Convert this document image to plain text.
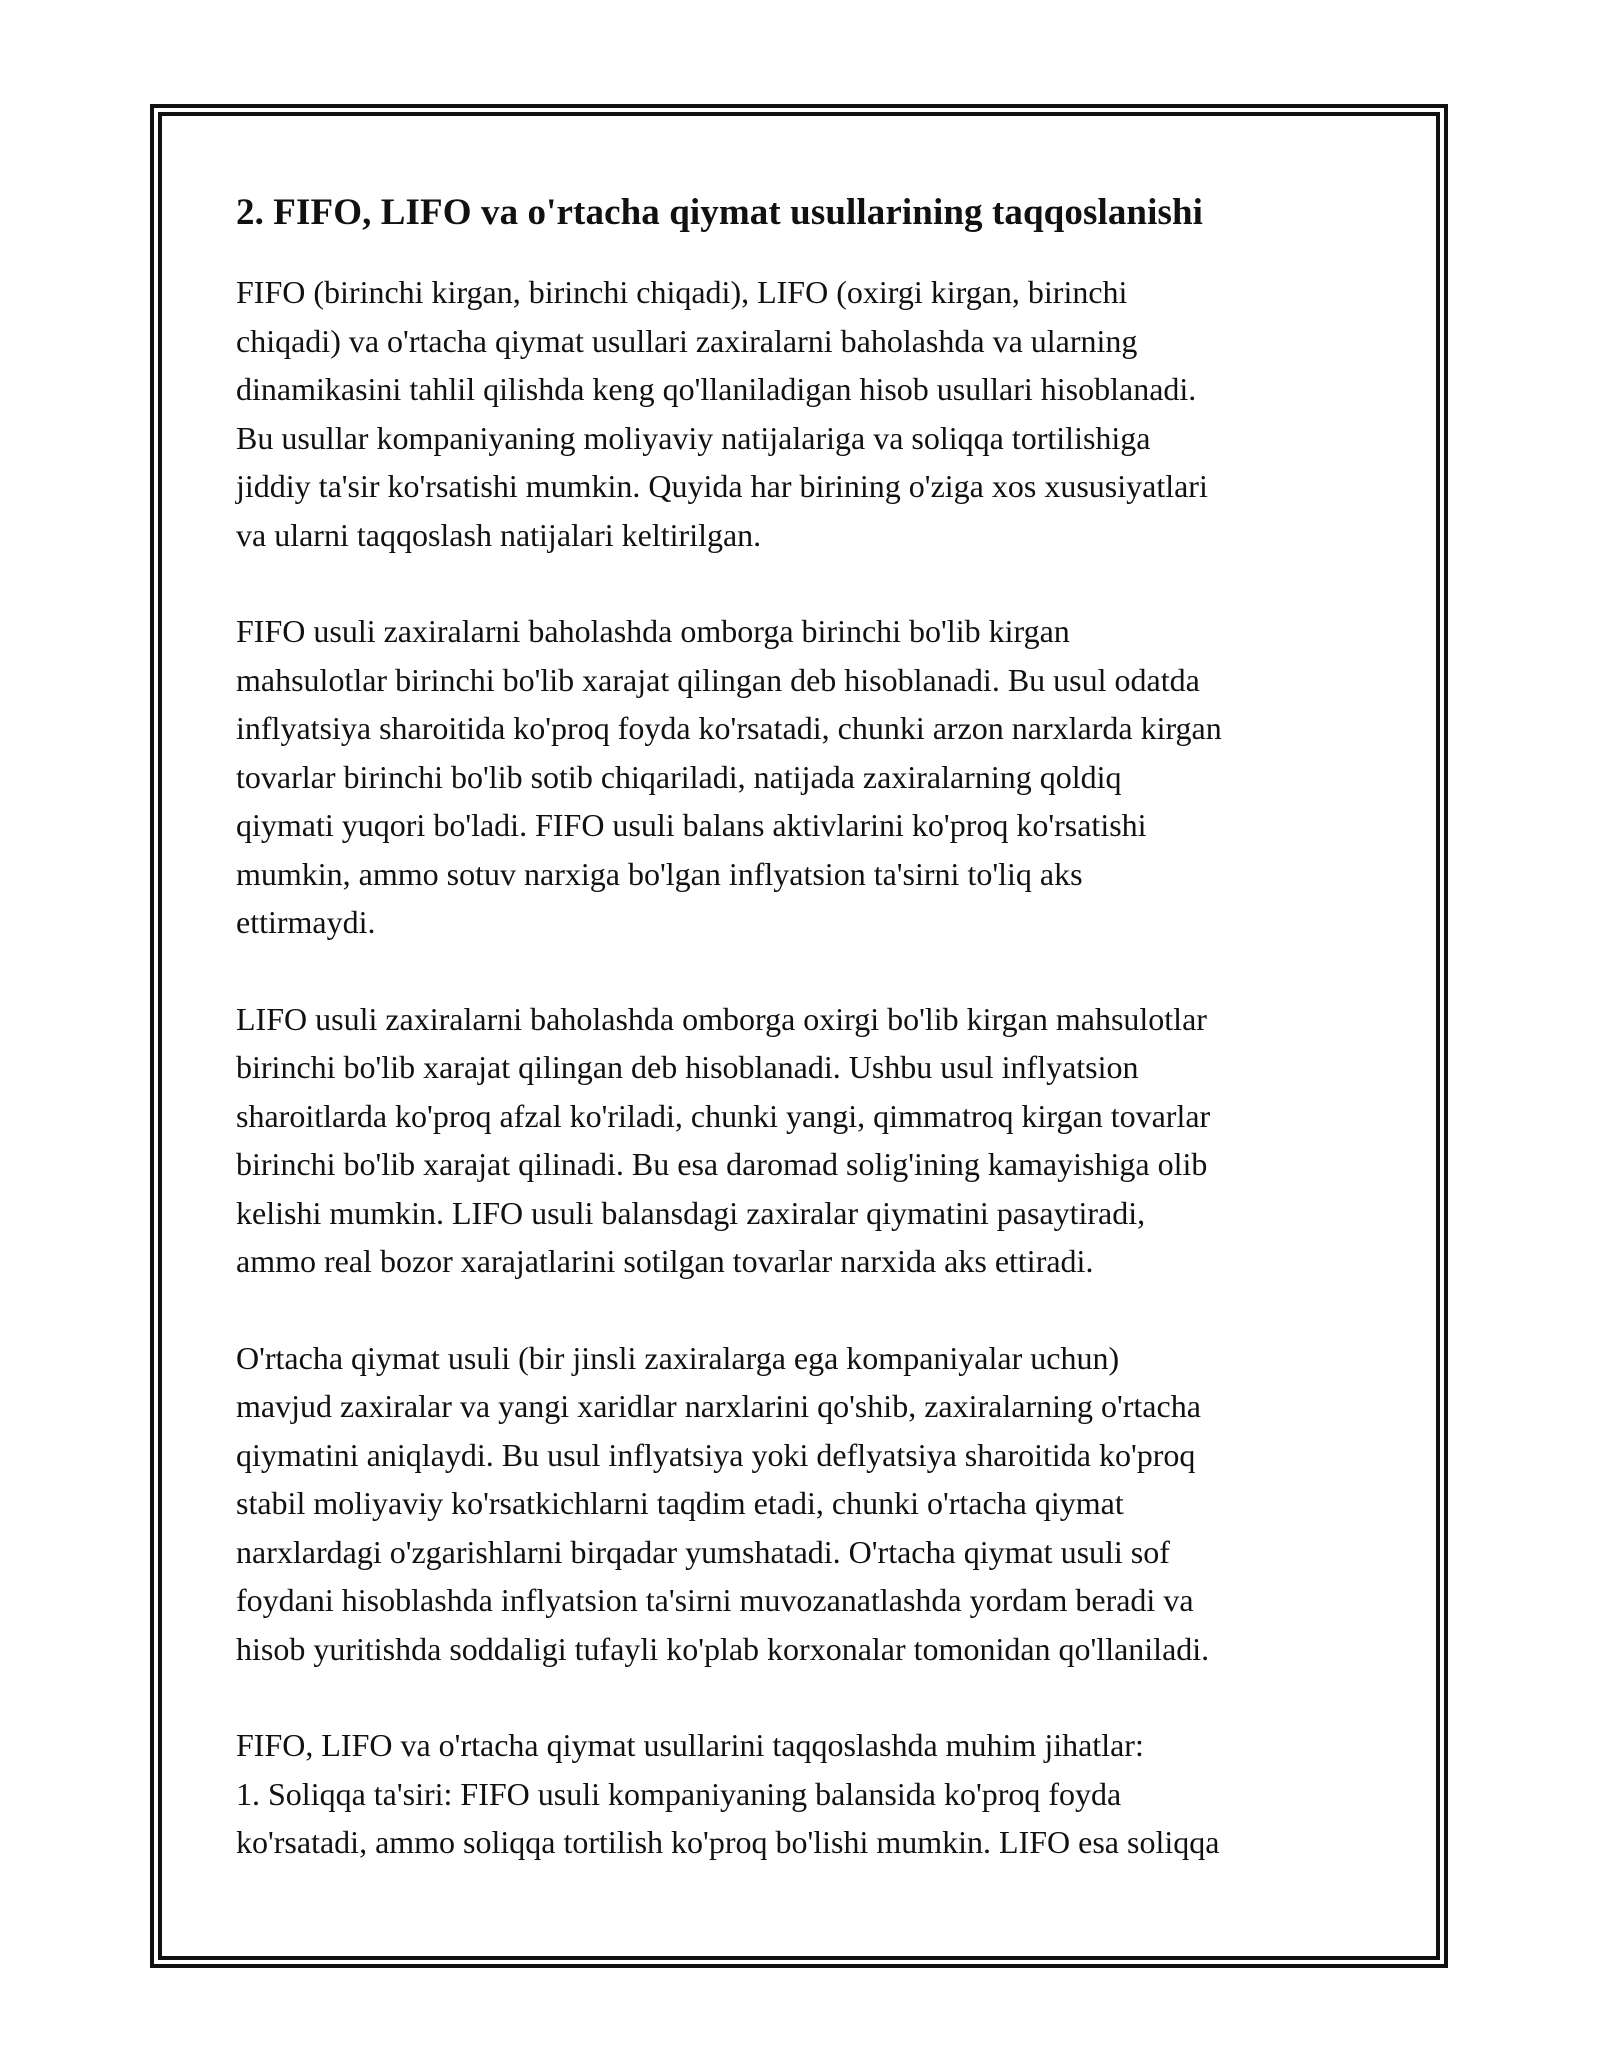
2. FIFO, LIFO va o'rtacha qiymat usullarining taqqoslanishi

FIFO (birinchi kirgan, birinchi chiqadi), LIFO (oxirgi kirgan, birinchi
chiqadi) va o'rtacha qiymat usullari zaxiralarni baholashda va ularning
dinamikasini tahlil qilishda keng qo'llaniladigan hisob usullari hisoblanadi.
Bu usullar kompaniyaning moliyaviy natijalariga va soliqqa tortilishiga
jiddiy ta'sir ko'rsatishi mumkin. Quyida har birining o'ziga xos xususiyatlari
va ularni taqqoslash natijalari keltirilgan.

FIFO usuli zaxiralarni baholashda omborga birinchi bo'lib kirgan
mahsulotlar birinchi bo'lib xarajat qilingan deb hisoblanadi. Bu usul odatda
inflyatsiya sharoitida ko'proq foyda ko'rsatadi, chunki arzon narxlarda kirgan
tovarlar birinchi bo'lib sotib chiqariladi, natijada zaxiralarning qoldiq
qiymati yuqori bo'ladi. FIFO usuli balans aktivlarini ko'proq ko'rsatishi
mumkin, ammo sotuv narxiga bo'lgan inflyatsion ta'sirni to'liq aks
ettirmaydi.

LIFO usuli zaxiralarni baholashda omborga oxirgi bo'lib kirgan mahsulotlar
birinchi bo'lib xarajat qilingan deb hisoblanadi. Ushbu usul inflyatsion
sharoitlarda ko'proq afzal ko'riladi, chunki yangi, qimmatroq kirgan tovarlar
birinchi bo'lib xarajat qilinadi. Bu esa daromad solig'ining kamayishiga olib
kelishi mumkin. LIFO usuli balansdagi zaxiralar qiymatini pasaytiradi,
ammo real bozor xarajatlarini sotilgan tovarlar narxida aks ettiradi.

O'rtacha qiymat usuli (bir jinsli zaxiralarga ega kompaniyalar uchun)
mavjud zaxiralar va yangi xaridlar narxlarini qo'shib, zaxiralarning o'rtacha
qiymatini aniqlaydi. Bu usul inflyatsiya yoki deflyatsiya sharoitida ko'proq
stabil moliyaviy ko'rsatkichlarni taqdim etadi, chunki o'rtacha qiymat
narxlardagi o'zgarishlarni birqadar yumshatadi. O'rtacha qiymat usuli sof
foydani hisoblashda inflyatsion ta'sirni muvozanatlashda yordam beradi va
hisob yuritishda soddaligi tufayli ko'plab korxonalar tomonidan qo'llaniladi.

FIFO, LIFO va o'rtacha qiymat usullarini taqqoslashda muhim jihatlar:
1. Soliqqa ta'siri: FIFO usuli kompaniyaning balansida ko'proq foyda
ko'rsatadi, ammo soliqqa tortilish ko'proq bo'lishi mumkin. LIFO esa soliqqa
